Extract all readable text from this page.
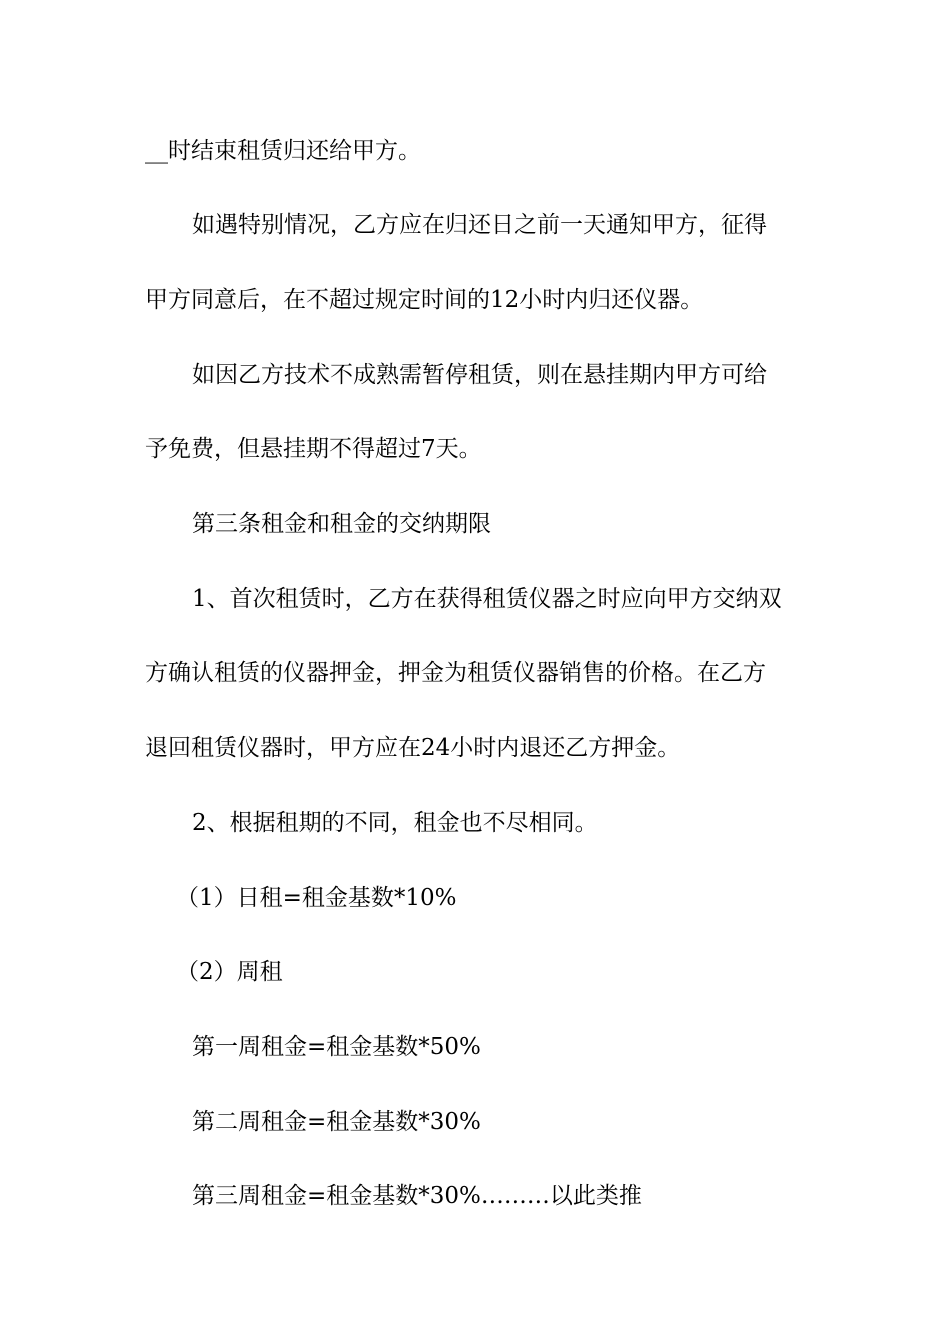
__时结束租赁归还给甲方。
如遇特别情况，乙方应在归还日之前一天通知甲方，征得
甲方同意后，在不超过规定时间的12小时内归还仪器。
如因乙方技术不成熟需暂停租赁，则在悬挂期内甲方可给
予免费，但悬挂期不得超过7天。
第三条租金和租金的交纳期限
1、首次租赁时，乙方在获得租赁仪器之时应向甲方交纳双
方确认租赁的仪器押金，押金为租赁仪器销售的价格。在乙方
退回租赁仪器时，甲方应在24小时内退还乙方押金。
2、根据租期的不同，租金也不尽相同。
（1）日租=租金基数*10%
（2）周租
第一周租金=租金基数*50%
第二周租金=租金基数*30%
第三周租金=租金基数*30%………以此类推
